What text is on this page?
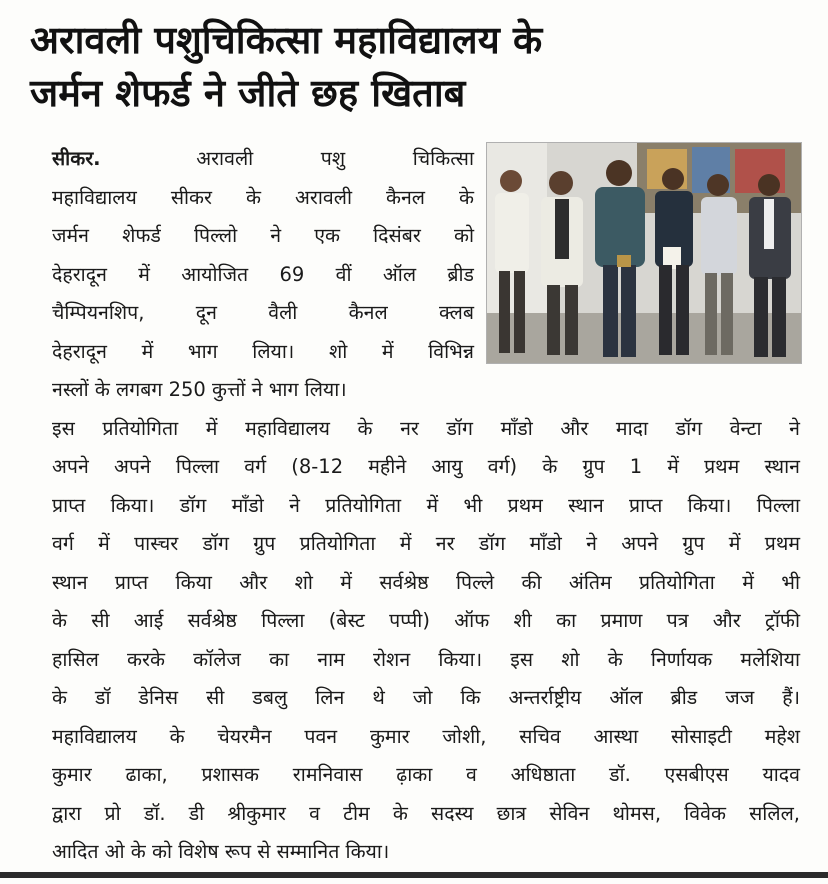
अरावली पशुचिकित्सा महाविद्यालय के
जर्मन शेफर्ड ने जीते छह खिताब
सीकर.	अरावली पशु चिकित्सा
महाविद्यालय सीकर के अरावली कैनल के
जर्मन शेफर्ड पिल्लो ने एक दिसंबर को
देहरादून में आयोजित 69 वीं ऑल ब्रीड
चैम्पियनशिप, दून वैली कैनल क्लब
देहरादून में भाग लिया। शो में विभिन्न
नस्लों के लगबग 250 कुत्तों ने भाग लिया।
इस प्रतियोगिता में महाविद्यालय के नर डॉग मॉंडो और मादा डॉग वेन्टा ने
अपने अपने पिल्ला वर्ग (8-12 महीने आयु वर्ग) के ग्रुप 1 में प्रथम स्थान
प्राप्त किया। डॉग मॉंडो ने प्रतियोगिता में भी प्रथम स्थान प्राप्त किया। पिल्ला
वर्ग में पास्चर डॉग ग्रुप प्रतियोगिता में नर डॉग मॉंडो ने अपने ग्रुप में प्रथम
स्थान प्राप्त किया और शो में सर्वश्रेष्ठ पिल्ले की अंतिम प्रतियोगिता में भी
के सी आई सर्वश्रेष्ठ पिल्ला (बेस्ट पप्पी) ऑफ शी का प्रमाण पत्र और ट्रॉफी
हासिल करके कॉलेज का नाम रोशन किया। इस शो के निर्णायक मलेशिया
के डॉ डेनिस सी डबलु लिन थे जो कि अन्तर्राष्ट्रीय ऑल ब्रीड जज हैं।
महाविद्यालय के चेयरमैन पवन कुमार जोशी, सचिव आस्था सोसाइटी महेश
कुमार ढाका, प्रशासक रामनिवास ढ़ाका व अधिष्ठाता डॉ. एसबीएस यादव
द्वारा प्रो डॉ. डी श्रीकुमार व टीम के सदस्य छात्र सेविन थोमस, विवेक सलिल,
आदित ओ के को विशेष रूप से सम्मानित किया।
